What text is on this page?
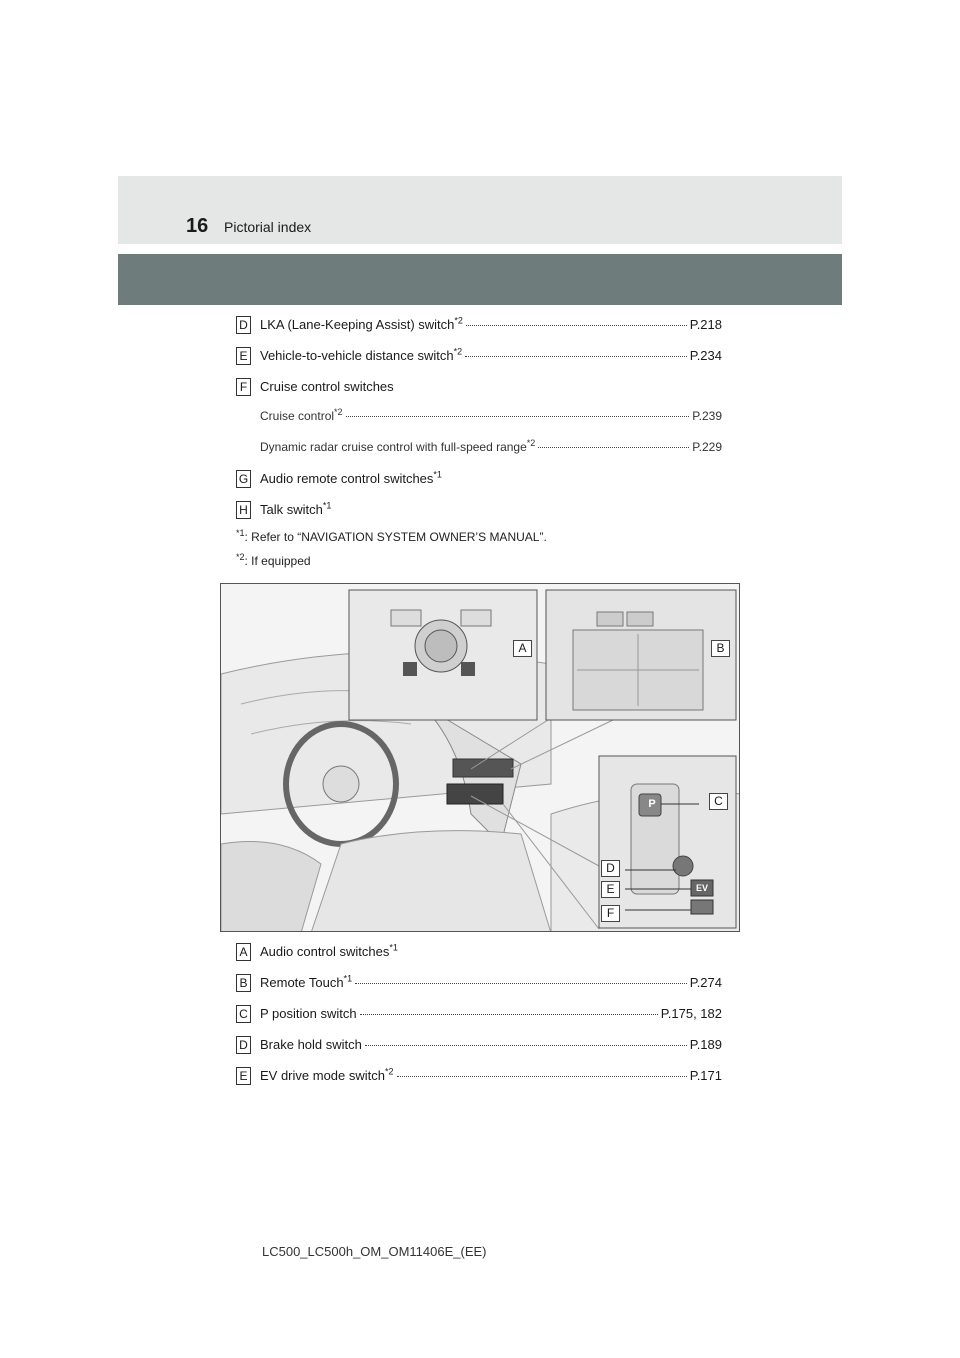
16 Pictorial index
D LKA (Lane-Keeping Assist) switch$^{*2}$	P.218
E Vehicle-to-vehicle distance switch$^{*2}$	P.234
F Cruise control switches
Cruise control$^{*2}$	P.239
Dynamic radar cruise control with full-speed range$^{*2}$	P.229
G Audio remote control switches$^{*1}$
H Talk switch$^{*1}$
$^{*1}$: Refer to “NAVIGATION SYSTEM OWNER’S MANUAL”.
$^{*2}$: If equipped
P
EV
A	B
C
D
E
F
A Audio control switches$^{*1}$
B Remote Touch$^{*1}$	P.274
C P position switch	P.175, 182
D Brake hold switch	P.189
E EV drive mode switch$^{*2}$	P.171
LC500_LC500h_OM_OM11406E_(EE)
